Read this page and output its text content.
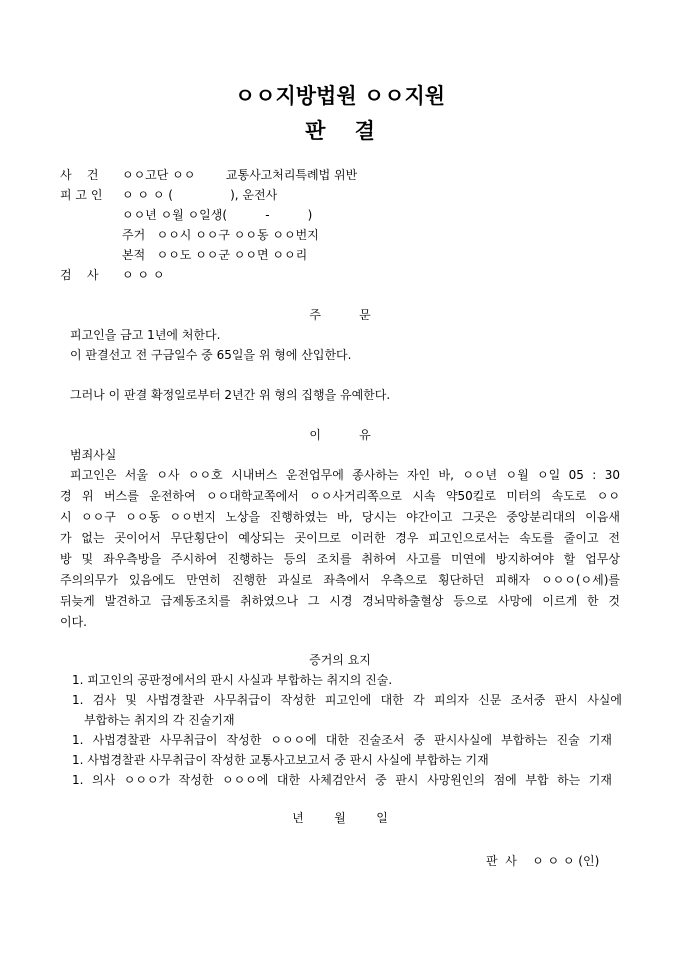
ㅇㅇ지방법원 ㅇㅇ지원
판    결
사    건 ㅇㅇ고단 ㅇㅇ        교통사고처리특례법 위반
피 고 인 ㅇ ㅇ ㅇ (               ), 운전사
ㅇㅇ년 ㅇ월 ㅇ일생(          -          )
주거   ㅇㅇ시 ㅇㅇ구 ㅇㅇ동 ㅇㅇ번지
본적   ㅇㅇ도 ㅇㅇ군 ㅇㅇ면 ㅇㅇ리
검    사 ㅇ ㅇ ㅇ
주          문
피고인을 금고 1년에 처한다.
이 판결선고 전 구금일수 중 65일을 위 형에 산입한다.
그러나 이 판결 확정일로부터 2년간 위 형의 집행을 유예한다.
이          유
범죄사실
피고인은 서울 ㅇ사 ㅇㅇ호 시내버스 운전업무에 종사하는 자인 바, ㅇㅇ년 ㅇ월 ㅇ일 05 : 30
경 위 버스를 운전하여 ㅇㅇ대학교쪽에서 ㅇㅇ사거리쪽으로 시속 약50킬로 미터의 속도로 ㅇㅇ
시 ㅇㅇ구 ㅇㅇ동 ㅇㅇ번지 노상을 진행하였는 바, 당시는 야간이고 그곳은 중앙분리대의 이음새
가 없는 곳이어서 무단횡단이 예상되는 곳이므로 이러한 경우 피고인으로서는 속도를 줄이고 전
방 및 좌우측방을 주시하여 진행하는 등의 조치를 취하여 사고를 미연에 방지하여야 할 업무상
주의의무가 있음에도 만연히 진행한 과실로 좌측에서 우측으로 횡단하던 피해자 ㅇㅇㅇ(ㅇ세)를
뒤늦게 발견하고 급제동조치를 취하였으나 그 시경 경뇌막하출혈상 등으로 사망에 이르게 한 것
이다.
증거의 요지
1. 피고인의 공판정에서의 판시 사실과 부합하는 취지의 진술.
1. 검사 및 사법경찰관 사무취급이 작성한 피고인에 대한 각 피의자 신문 조서중 판시 사실에
부합하는 취지의 각 진술기재
1. 사법경찰관 사무취급이 작성한 ㅇㅇㅇ에 대한 진술조서 중 판시사실에 부합하는 진술 기재
1. 사법경찰관 사무취급이 작성한 교통사고보고서 중 판시 사실에 부합하는 기재
1. 의사 ㅇㅇㅇ가 작성한 ㅇㅇㅇ에 대한 사체검안서 중 판시 사망원인의 점에 부합 하는 기재
년        월        일
판  사    ㅇ ㅇ ㅇ (인)
